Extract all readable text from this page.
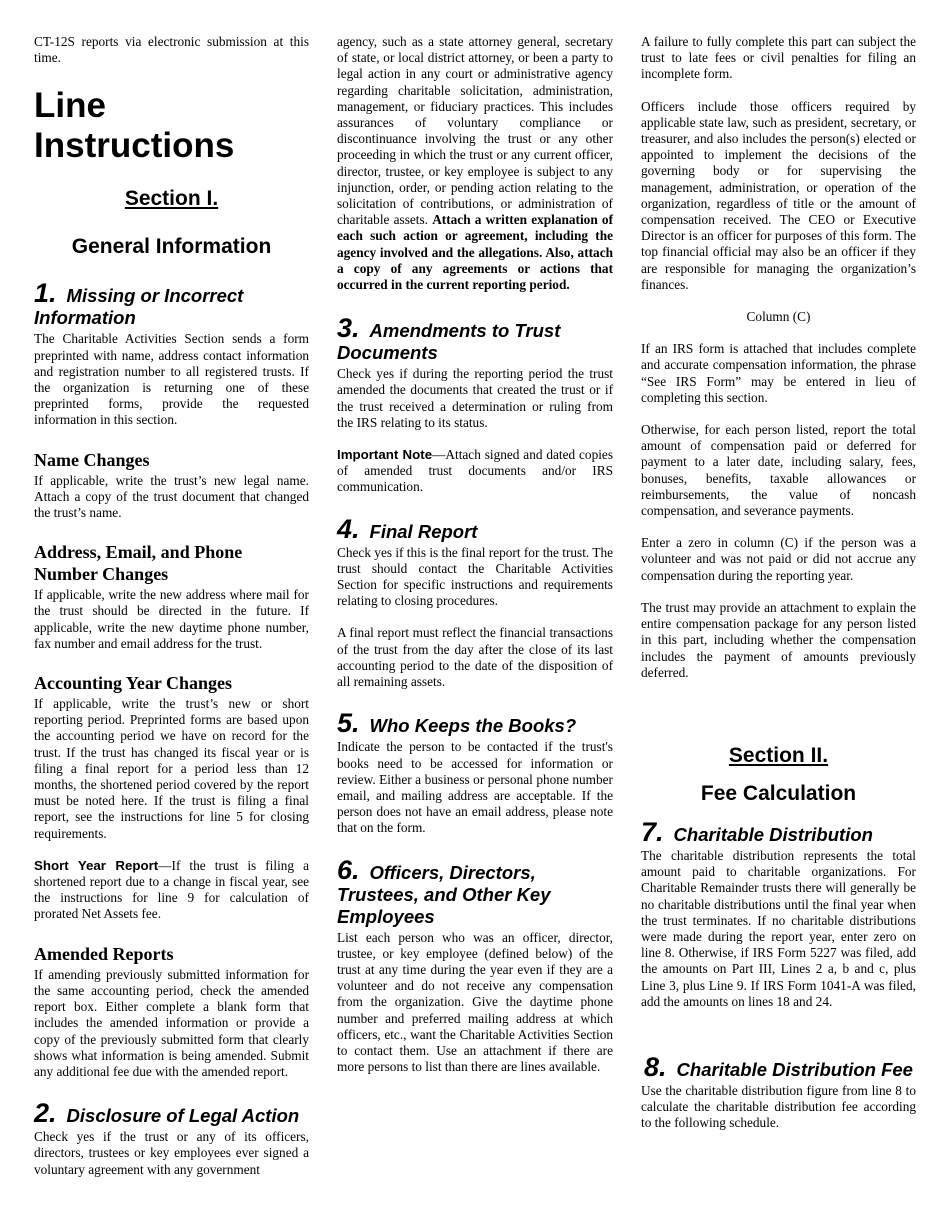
CT-12S reports via electronic submission at this time.

Line Instructions
Section I.
General Information
1. Missing or Incorrect Information

The Charitable Activities Section sends a form preprinted with name, address contact information and registration number to all registered trusts. If the organization is returning one of these preprinted forms, provide the requested information in this section.

Name Changes

If applicable, write the trust’s new legal name. Attach a copy of the trust document that changed the trust’s name.

Address, Email, and Phone Number Changes

If applicable, write the new address where mail for the trust should be directed in the future. If applicable, write the new daytime phone number, fax number and email address for the trust.

Accounting Year Changes

If applicable, write the trust’s new or short reporting period. Preprinted forms are based upon the accounting period we have on record for the trust. If the trust has changed its fiscal year or is filing a final report for a period less than 12 months, the shortened period covered by the report must be noted here. If the trust is filing a final report, see the instructions for line 5 for closing requirements.

Short Year Report—If the trust is filing a shortened report due to a change in fiscal year, see the instructions for line 9 for calculation of prorated Net Assets fee.

Amended Reports

If amending previously submitted information for the same accounting period, check the amended report box. Either complete a blank form that includes the amended information or provide a copy of the previously submitted form that clearly shows what information is being amended. Submit any additional fee due with the amended report.

2. Disclosure of Legal Action

Check yes if the trust or any of its officers, directors, trustees or key employees ever signed a voluntary agreement with any government

agency, such as a state attorney general, secretary of state, or local district attorney, or been a party to legal action in any court or administrative agency regarding charitable solicitation, administration, management, or fiduciary practices. This includes assurances of voluntary compliance or discontinuance involving the trust or any other proceeding in which the trust or any current officer, director, trustee, or key employee is subject to any injunction, order, or pending action relating to the solicitation of contributions, or administration of charitable assets. Attach a written explanation of each such action or agreement, including the agency involved and the allegations. Also, attach a copy of any agreements or actions that occurred in the current reporting period.

3. Amendments to Trust Documents

Check yes if during the reporting period the trust amended the documents that created the trust or if the trust received a determination or ruling from the IRS relating to its status.

Important Note—Attach signed and dated copies of amended trust documents and/or IRS communication.

4. Final Report

Check yes if this is the final report for the trust. The trust should contact the Charitable Activities Section for specific instructions and requirements relating to closing procedures.

A final report must reflect the financial transactions of the trust from the day after the close of its last accounting period to the date of the disposition of all remaining assets.

5. Who Keeps the Books?

Indicate the person to be contacted if the trust's books need to be accessed for information or review. Either a business or personal phone number email, and mailing address are acceptable. If the person does not have an email address, please note that on the form.

6. Officers, Directors, Trustees, and Other Key Employees

List each person who was an officer, director, trustee, or key employee (defined below) of the trust at any time during the year even if they are a volunteer and do not receive any compensation from the organization. Give the daytime phone number and preferred mailing address at which officers, etc., want the Charitable Activities Section to contact them. Use an attachment if there are more persons to list than there are lines available.

A failure to fully complete this part can subject the trust to late fees or civil penalties for filing an incomplete form.

Officers include those officers required by applicable state law, such as president, secretary, or treasurer, and also includes the person(s) elected or appointed to implement the decisions of the governing body or for supervising the management, administration, or operation of the organization, regardless of title or the amount of compensation received. The CEO or Executive Director is an officer for purposes of this form. The top financial official may also be an officer if they are responsible for managing the organization’s finances.

Column (C)

If an IRS form is attached that includes complete and accurate compensation information, the phrase “See IRS Form” may be entered in lieu of completing this section.

Otherwise, for each person listed, report the total amount of compensation paid or deferred for payment to a later date, including salary, fees, bonuses, benefits, taxable allowances or reimbursements, the value of noncash compensation, and severance payments.

Enter a zero in column (C) if the person was a volunteer and was not paid or did not accrue any compensation during the reporting year.

The trust may provide an attachment to explain the entire compensation package for any person listed in this part, including whether the compensation includes the payment of amounts previously deferred.

Section II.
Fee Calculation
7. Charitable Distribution

The charitable distribution represents the total amount paid to charitable organizations. For Charitable Remainder trusts there will generally be no charitable distributions until the final year when the trust terminates. If no charitable distributions were made during the report year, enter zero on line 8. Otherwise, if IRS Form 5227 was filed, add the amounts on Part III, Lines 2 a, b and c, plus Line 3, plus Line 9. If IRS Form 1041-A was filed, add the amounts on lines 18 and 24.

8. Charitable Distribution Fee

Use the charitable distribution figure from line 8 to calculate the charitable distribution fee according to the following schedule.
